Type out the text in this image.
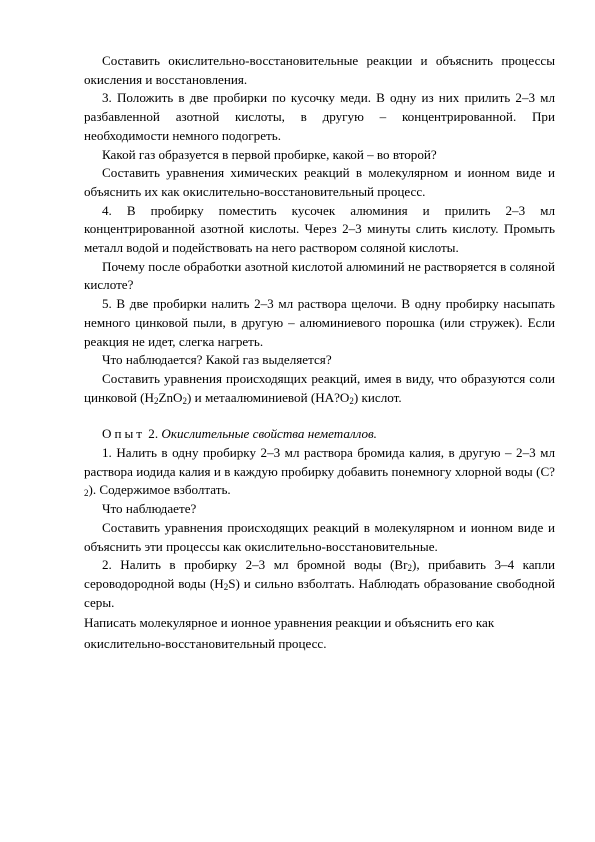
Составить окислительно-восстановительные реакции и объяснить процессы окисления и восстановления.

3. Положить в две пробирки по кусочку меди. В одну из них прилить 2–3 мл разбавленной азотной кислоты, в другую – концентрированной. При необходимости немного подогреть.

Какой газ образуется в первой пробирке, какой – во второй?

Составить уравнения химических реакций в молекулярном и ионном виде и объяснить их как окислительно-восстановительный процесс.

4. В пробирку поместить кусочек алюминия и прилить 2–3 мл концентрированной азотной кислоты. Через 2–3 минуты слить кислоту. Промыть металл водой и подействовать на него раствором соляной кислоты.

Почему после обработки азотной кислотой алюминий не растворяется в соляной кислоте?

5. В две пробирки налить 2–3 мл раствора щелочи. В одну пробирку насыпать немного цинковой пыли, в другую – алюминиевого порошка (или стружек). Если реакция не идет, слегка нагреть.

Что наблюдается? Какой газ выделяется?

Составить уравнения происходящих реакций, имея в виду, что образуются соли цинковой $(H_2ZnO_2)$ и метаалюминиевой $(HA?O_2)$ кислот.

Опыт 2. Окислительные свойства неметаллов.

1. Налить в одну пробирку 2–3 мл раствора бромида калия, в другую – 2–3 мл раствора иодида калия и в каждую пробирку добавить понемногу хлорной воды $(C?_2)$. Содержимое взболтать.

Что наблюдаете?

Составить уравнения происходящих реакций в молекулярном и ионном виде и объяснить эти процессы как окислительно-восстановительные.

2. Налить в пробирку 2–3 мл бромной воды $(Br_2)$, прибавить 3–4 капли сероводородной воды $(H_2S)$ и сильно взболтать. Наблюдать образование свободной серы.

Написать молекулярное и ионное уравнения реакции и объяснить его как окислительно-восстановительный процесс.
